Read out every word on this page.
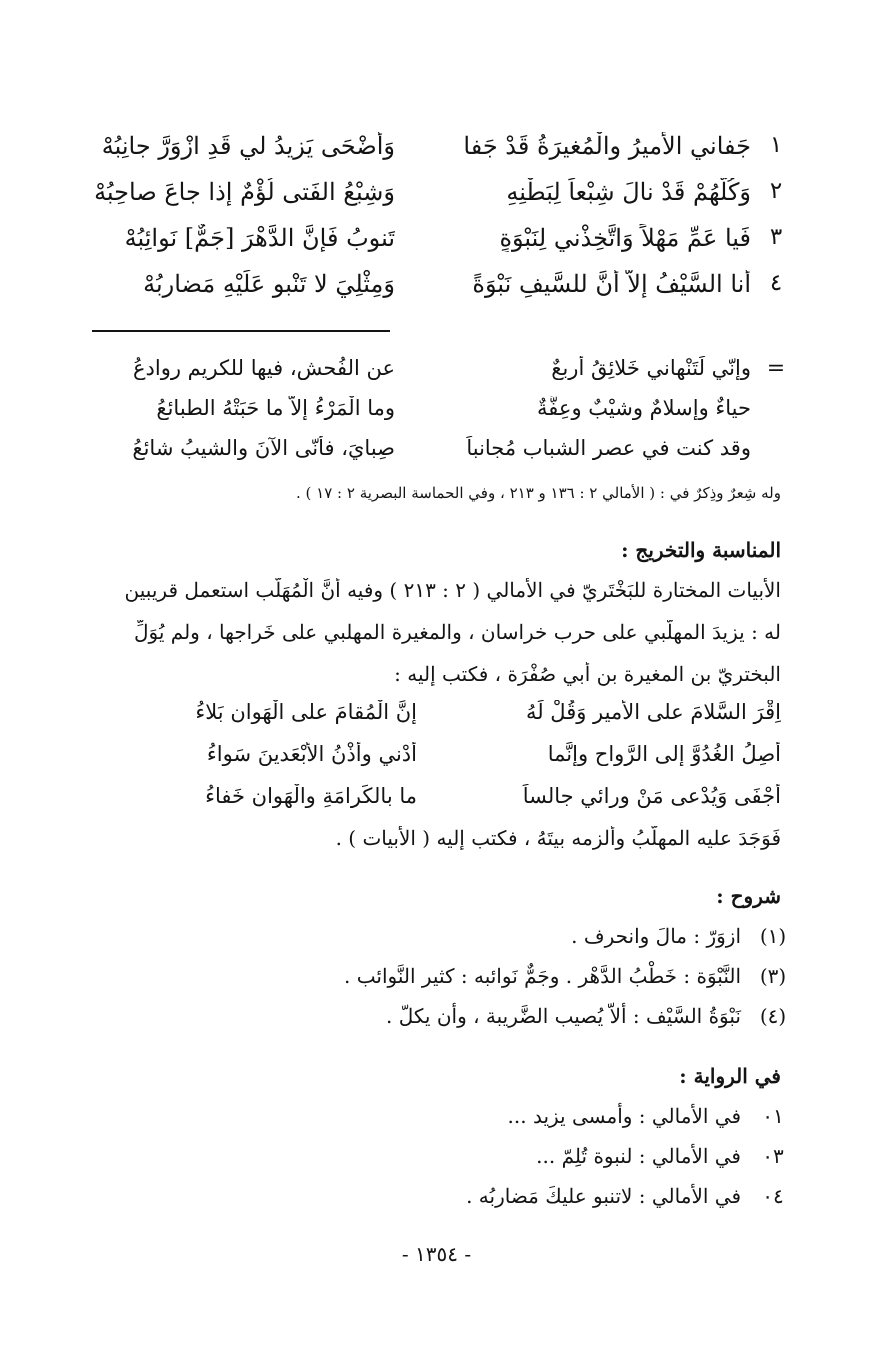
١
جَفاني الأَميرُ والْمُغيرَةُ قَدْ جَفا
وَأَضْحَى يَزيدُ لي قَدِ ازْوَرَّ جانِبُهْ
٢
وَكُلُّهُمْ قَدْ نالَ شِبْعاً لِبَطْنِهِ
وَشِبْعُ الفَتى لُؤْمٌ إذا جاعَ صاحِبُهْ
٣
فَيا عَمِّ مَهْلاً وَاتَّخِذْني لِنَبْوَةٍ
تَنوبُ فَإنَّ الدَّهْرَ [جَمٌّ] نَوائِبُهْ
٤
أنا السَّيْفُ إلاَّ أنَّ للسَّيفِ نَبْوَةً
وَمِثْلِيَ لا تَنْبو عَلَيْهِ مَضارِبُهْ
=
وإنّي لَتَنْهاني خَلائِقُ أربعٌ
عن الفُحشِ، فيها للكريم روادعُ
حياءٌ وإسلامٌ وشيْبٌ وعِفَّةٌ
وما الْمَرْءُ إلاّ ما حَبَتْهُ الطبائعُ
وقد كنت في عصر الشباب مُجانباً
صِبايَ، فأنّى الآنَ والشيبُ شائعُ
وله شِعرٌ وذِكرٌ في : ( الأمالي ٢ : ١٣٦ و ٢١٣ ، وفي الحماسة البصرية ٢ : ١٧ ) .
المناسبة والتخريج :
الأبيات المختارة للبَخْتَرِيّ في الأمالي ( ٢ : ٢١٣ ) وفيه أنَّ الْمُهَلَّب استعمل قريبين
له : يزيدَ المهلّبي على حرب خراسان ، والمغيرة المهلبي على خَراجها ، ولم يُوَلِّ
البختريّ بن المغيرة بن أبي صُفْرَة ، فكتب إليه :
اِقْرَ السَّلامَ على الأمير وَقُلْ لَهُ
إنَّ الْمُقامَ على الْهَوانِ بَلاءُ
أَصِلُ الغُدُوَّ إلى الرَّواحِ وإنَّما
أُدْني وأُذْنُ الأَبْعَدينَ سَواءُ
أُجْفَى وَيُدْعى مَنْ ورائي جالساً
ما بالكَرامَةِ والْهَوانِ خَفاءُ
فَوَجَدَ عليه المهلّبُ وألزمه بيتَهُ ، فكتب إليه ( الأبيات ) .
شروح :
(١)
ازوَرّ : مالَ وانحرف .
(٣)
النَّبْوَة : خَطْبُ الدَّهْر . وجَمٌّ نَوائبه : كثير النَّوائب .
(٤)
نَبْوَةُ السَّيْف : ألاّ يُصيب الضَّريبة ، وأن يكلّ .
في الرواية :
٠١
في الأمالي : وأمسى يزيد ...
٠٣
في الأمالي : لنبوة تُلِمّ ...
٠٤
في الأمالي : لاتنبو عليكَ مَضاربُه .
- ١٣٥٤ -
